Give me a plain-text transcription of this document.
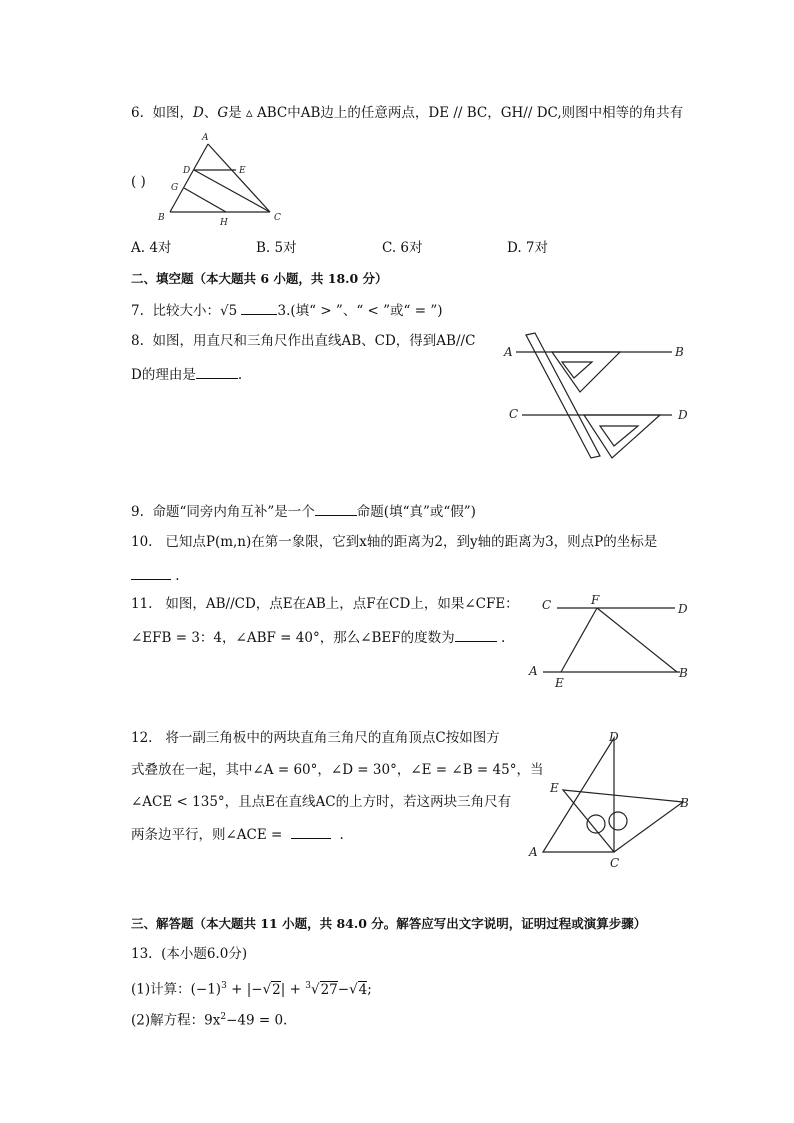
6. 如图，D、G是 ▵ ABC中AB边上的任意两点，DE // BC，GH// DC,则图中相等的角共有
( )
A
D	E
G
B	H	C
A. 4对	B. 5对	C. 6对	D. 7对
二、填空题（本大题共 6 小题，共 18.0 分）
7. 比较大小：√5	3.(填“ > ”、“ < ”或“ = ”)
8. 如图，用直尺和三角尺作出直线AB、CD，得到AB//C
D的理由是	.
A	B
C	D
9. 命题“同旁内角互补”是一个	命题(填“真”或“假”)
10. 已知点P(m,n)在第一象限，它到x轴的距离为2，到y轴的距离为3，则点P的坐标是
.
11. 如图，AB//CD，点E在AB上，点F在CD上，如果∠CFE：
∠EFB = 3：4，∠ABF = 40°，那么∠BEF的度数为	.
C	F
D
A
E
B
12. 将一副三角板中的两块直角三角尺的直角顶点C按如图方
式叠放在一起，其中∠A = 60°，∠D = 30°，∠E = ∠B = 45°，当
∠ACE < 135°，且点E在直线AC的上方时，若这两块三角尺有
两条边平行，则∠ACE =	.
D
E
B
A
C
三、解答题（本大题共 11 小题，共 84.0 分。解答应写出文字说明，证明过程或演算步骤）
13. (本小题6.0分)
(1)计算：$(-1)^3 + |-√2| + ^3√27-√4$;
(2)解方程：$9x^2-49 = 0$.
